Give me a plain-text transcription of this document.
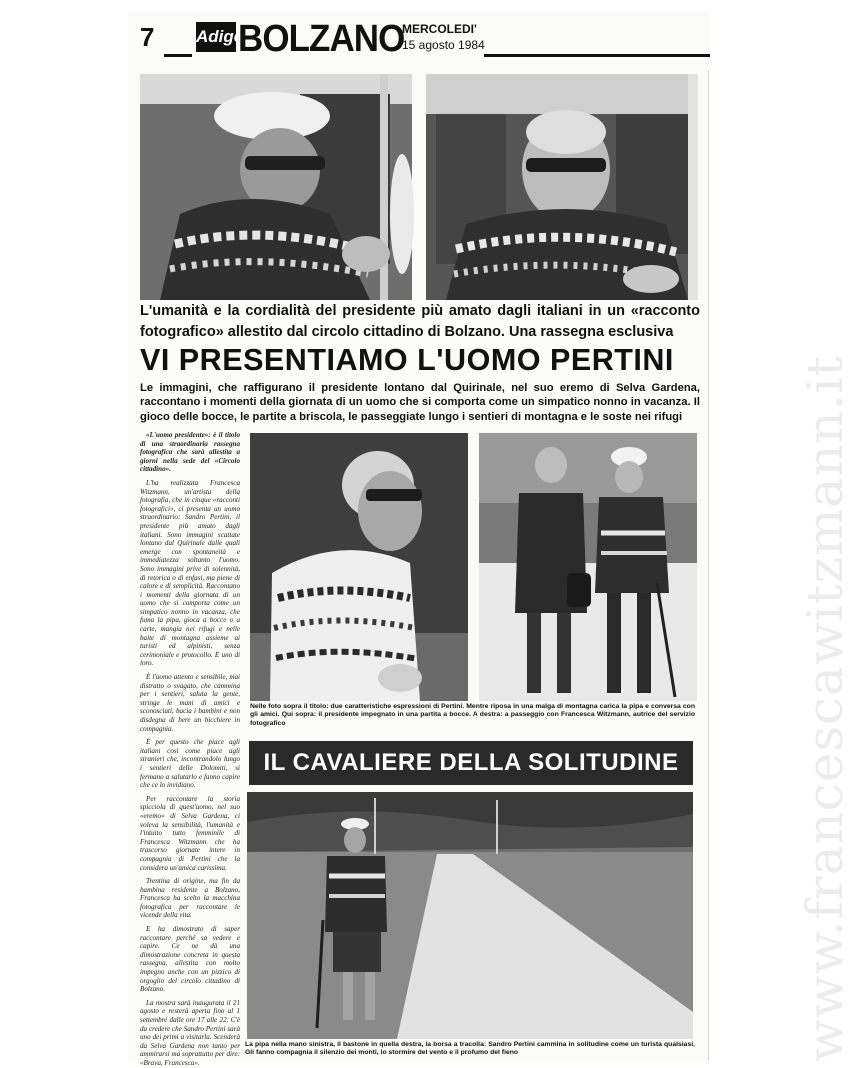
7 Adige
BOLZANO
MERCOLEDI'
15 agosto 1984
L'umanità e la cordialità del presidente più amato dagli italiani in un «racconto fotografico» allestito dal circolo cittadino di Bolzano. Una rassegna esclusiva
VI PRESENTIAMO L'UOMO PERTINI
Le immagini, che raffigurano il presidente lontano dal Quirinale, nel suo eremo di Selva Gardena, raccontano i momenti della giornata di un uomo che si comporta come un simpatico nonno in vacanza. Il gioco delle bocce, le partite a briscola, le passeggiate lungo i sentieri di montagna e le soste nei rifugi

«L'uomo presidente»: è il titolo di una straordinaria rassegna fotografica che sarà allestita a giorni nella sede del «Circolo cittadino».

L'ha realizzata Francesca Witzmann, un'artista della fotografia, che in cinque «racconti fotografici», ci presenta un uomo straordinario: Sandro Pertini, il presidente più amato dagli italiani. Sono immagini scattate lontano dal Quirinale dalle quali emerge con spontaneità e immediatezza soltanto l'uomo. Sono immagini prive di solennità, di retorica o di enfasi, ma piene di calore e di semplicità. Raccontano i momenti della giornata di un uomo che si comporta come un simpatico nonno in vacanza, che fuma la pipa, gioca a bocce o a carte, mangia nei rifugi e nelle baite di montagna assieme ai turisti ed alpinisti, senza cerimoniale e protocollo. È uno di loro.

È l'uomo attento e sensibile, mai distratto o svagato, che cammina per i sentieri, saluta la gente, stringe le mani di amici e sconosciuti, bacia i bambini e non disdegna di bere un bicchiere in compagnia.

È per questo che piace agli italiani così come piace agli stranieri che, incontrandolo lungo i sentieri delle Dolomiti, si fermano a salutarlo e fanno capire che ce lo invidiano.

Per raccontare la storia spicciola di quest'uomo, nel suo «eremo» di Selva Gardena, ci voleva la sensibilità, l'umanità e l'intuito tutto femminile di Francesca Witzmann che ha trascorso giornate intere in compagnia di Pertini che la considera un'amica carissima.

Trentina di origine, ma fin da bambina residente a Bolzano, Francesca ha scelto la macchina fotografica per raccontare le vicende della vita.

E ha dimostrato di saper raccontare perché sa vedere e capire. Ce ne dà una dimostrazione concreta in questa rassegna, allestita con molto impegno anche con un pizzico di orgoglio del circolo cittadino di Bolzano.

La mostra sarà inaugurata il 21 agosto e resterà aperta fino al 1 settembre dalle ore 17 alle 22. C'è da credere che Sandro Pertini sarà uno dei primi a visitarla. Scenderà da Selva Gardena non tanto per ammirarsi ma soprattutto per dire: «Brava, Francesca».

Nelle foto sopra il titolo: due caratteristiche espressioni di Pertini. Mentre riposa in una malga di montagna carica la pipa e conversa con gli amici. Qui sopra: il presidente impegnato in una partita a bocce. A destra: a passeggio con Francesca Witzmann, autrice del servizio fotografico
IL CAVALIERE DELLA SOLITUDINE
La pipa nella mano sinistra, il bastone in quella destra, la borsa a tracolla: Sandro Pertini cammina in solitudine come un turista qualsiasi. Gli fanno compagnia il silenzio dei monti, lo stormire del vento e il profumo del fieno	www.francescawitzmann.it
